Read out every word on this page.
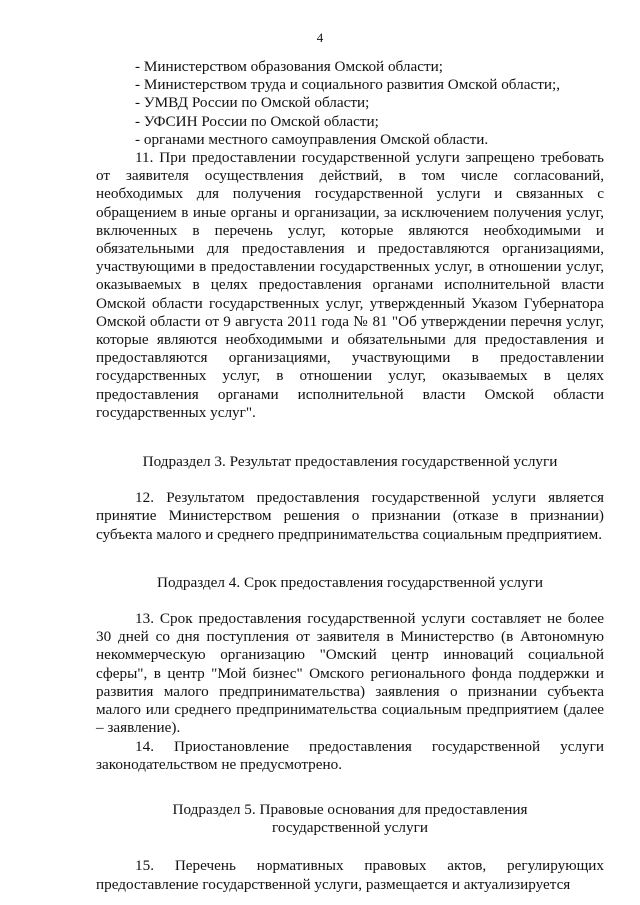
4

- Министерством образования Омской области;

- Министерством труда и социального развития Омской области;,

- УМВД России по Омской области;

- УФСИН России по Омской области;

- органами местного самоуправления Омской области.

11. При предоставлении государственной услуги запрещено требовать от заявителя осуществления действий, в том числе согласований, необходимых для получения государственной услуги и связанных с обращением в иные органы и организации, за исключением получения услуг, включенных в перечень услуг, которые являются необходимыми и обязательными для предоставления и предоставляются организациями, участвующими в предоставлении государственных услуг, в отношении услуг, оказываемых в целях предоставления органами исполнительной власти Омской области государственных услуг, утвержденный Указом Губернатора Омской области от 9 августа 2011 года № 81 "Об утверждении перечня услуг, которые являются необходимыми и обязательными для предоставления и предоставляются организациями, участвующими в предоставлении государственных услуг, в отношении услуг, оказываемых в целях предоставления органами исполнительной власти Омской области государственных услуг".

Подраздел 3. Результат предоставления государственной услуги

12. Результатом предоставления государственной услуги является принятие Министерством решения о признании (отказе в признании) субъекта малого и среднего предпринимательства социальным предприятием.

Подраздел 4. Срок предоставления государственной услуги

13. Срок предоставления государственной услуги составляет не более 30 дней со дня поступления от заявителя в Министерство (в Автономную некоммерческую организацию "Омский центр инноваций социальной сферы", в центр "Мой бизнес" Омского регионального фонда поддержки и развития малого предпринимательства) заявления о признании субъекта малого или среднего предпринимательства социальным предприятием (далее – заявление).

14. Приостановление предоставления государственной услуги законодательством не предусмотрено.

Подраздел 5. Правовые основания для предоставления государственной услуги

15. Перечень нормативных правовых актов, регулирующих предоставление государственной услуги, размещается и актуализируется
